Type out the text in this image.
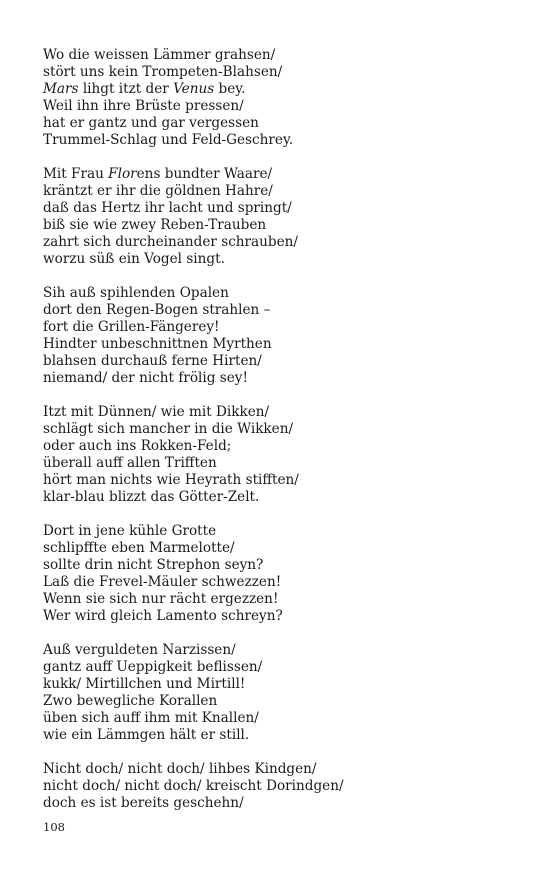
Wo die weissen Lämmer grahsen/
stört uns kein Trompeten-Blahsen/
Mars lihgt itzt der Venus bey.
Weil ihn ihre Brüste pressen/
hat er gantz und gar vergessen
Trummel-Schlag und Feld-Geschrey.
Mit Frau Florens bundter Waare/
kräntzt er ihr die göldnen Hahre/
daß das Hertz ihr lacht und springt/
biß sie wie zwey Reben-Trauben
zahrt sich durcheinander schrauben/
worzu süß ein Vogel singt.
Sih auß spihlenden Opalen
dort den Regen-Bogen strahlen –
fort die Grillen-Fängerey!
Hindter unbeschnittnen Myrthen
blahsen durchauß ferne Hirten/
niemand/ der nicht frölig sey!
Itzt mit Dünnen/ wie mit Dikken/
schlägt sich mancher in die Wikken/
oder auch ins Rokken-Feld;
überall auff allen Trifften
hört man nichts wie Heyrath stifften/
klar-blau blizzt das Götter-Zelt.
Dort in jene kühle Grotte
schlipffte eben Marmelotte/
sollte drin nicht Strephon seyn?
Laß die Frevel-Mäuler schwezzen!
Wenn sie sich nur rächt ergezzen!
Wer wird gleich Lamento schreyn?
Auß verguldeten Narzissen/
gantz auff Ueppigkeit beflissen/
kukk/ Mirtillchen und Mirtill!
Zwo bewegliche Korallen
üben sich auff ihm mit Knallen/
wie ein Lämmgen hält er still.
Nicht doch/ nicht doch/ lihbes Kindgen/
nicht doch/ nicht doch/ kreischt Dorindgen/
doch es ist bereits geschehn/
108
